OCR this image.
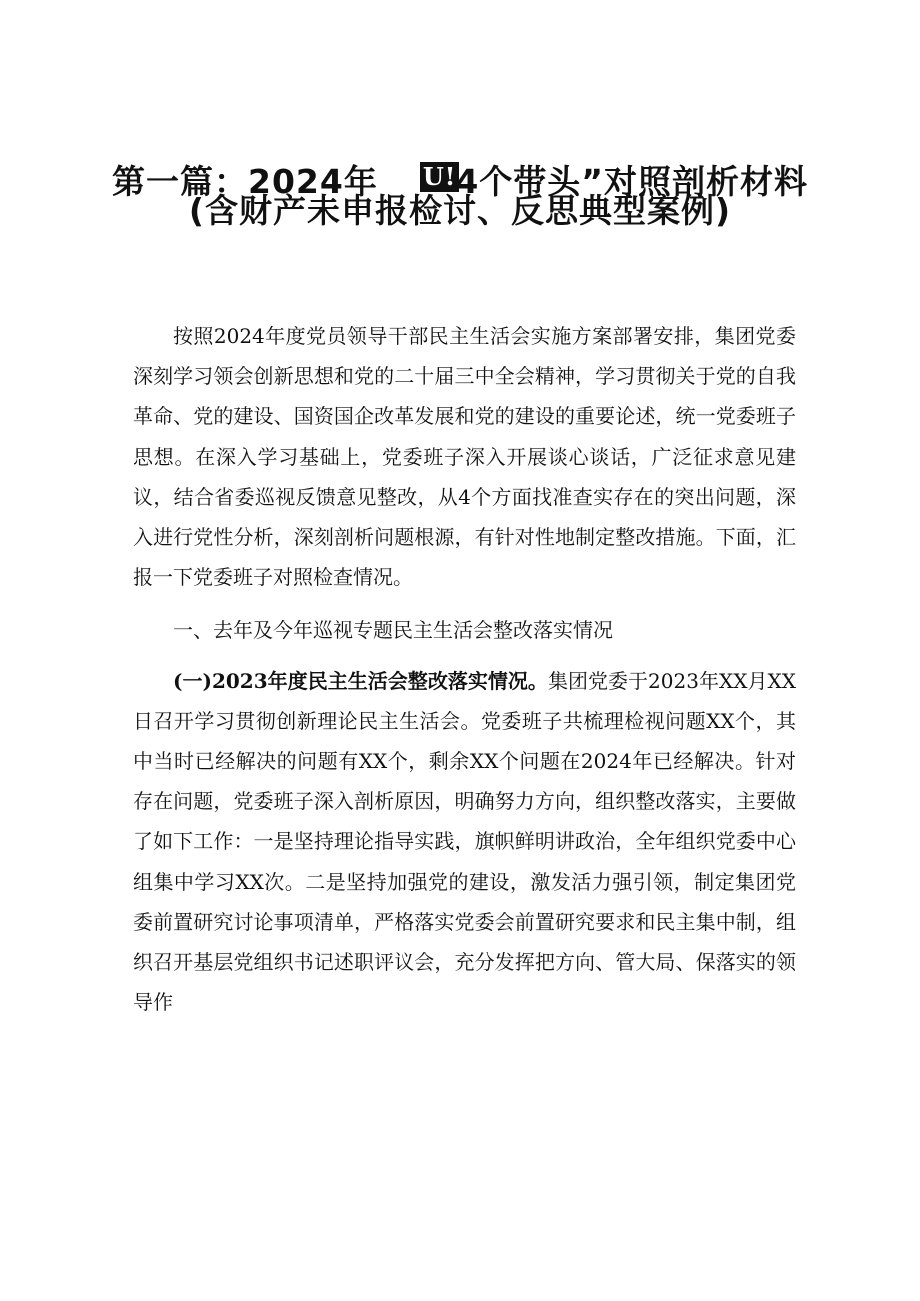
第一篇：2024年 U!4个带头”对照剖析材料
(含财产未申报检讨、反思典型案例)

按照2024年度党员领导干部民主生活会实施方案部署安排，集团党委深刻学习领会创新思想和党的二十届三中全会精神，学习贯彻关于党的自我革命、党的建设、国资国企改革发展和党的建设的重要论述，统一党委班子思想。在深入学习基础上，党委班子深入开展谈心谈话，广泛征求意见建议，结合省委巡视反馈意见整改，从4个方面找准查实存在的突出问题，深入进行党性分析，深刻剖析问题根源，有针对性地制定整改措施。下面，汇报一下党委班子对照检查情况。

一、去年及今年巡视专题民主生活会整改落实情况

(一)2023年度民主生活会整改落实情况。集团党委于2023年XX月XX日召开学习贯彻创新理论民主生活会。党委班子共梳理检视问题XX个，其中当时已经解决的问题有XX个，剩余XX个问题在2024年已经解决。针对存在问题，党委班子深入剖析原因，明确努力方向，组织整改落实，主要做了如下工作：一是坚持理论指导实践，旗帜鲜明讲政治，全年组织党委中心组集中学习XX次。二是坚持加强党的建设，激发活力强引领，制定集团党委前置研究讨论事项清单，严格落实党委会前置研究要求和民主集中制，组织召开基层党组织书记述职评议会，充分发挥把方向、管大局、保落实的领导作
